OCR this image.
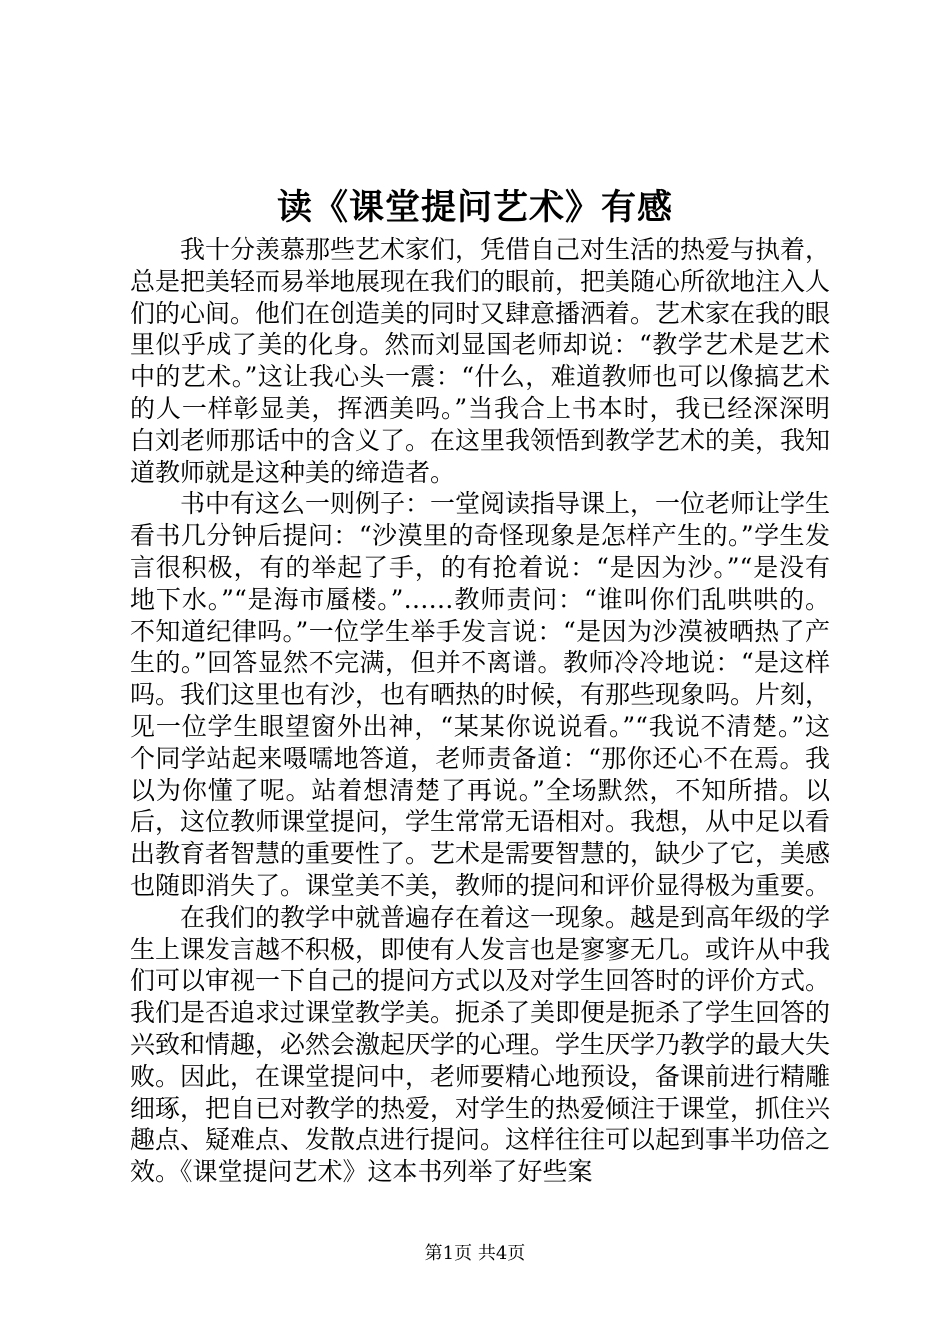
读《课堂提问艺术》有感

我十分羡慕那些艺术家们，凭借自己对生活的热爱与执着，总是把美轻而易举地展现在我们的眼前，把美随心所欲地注入人们的心间。他们在创造美的同时又肆意播洒着。艺术家在我的眼里似乎成了美的化身。然而刘显国老师却说：“教学艺术是艺术中的艺术。”这让我心头一震：“什么，难道教师也可以像搞艺术的人一样彰显美，挥洒美吗。”当我合上书本时，我已经深深明白刘老师那话中的含义了。在这里我领悟到教学艺术的美，我知道教师就是这种美的缔造者。

书中有这么一则例子：一堂阅读指导课上，一位老师让学生看书几分钟后提问：“沙漠里的奇怪现象是怎样产生的。”学生发言很积极，有的举起了手，的有抢着说：“是因为沙。”“是没有地下水。”“是海市蜃楼。”……教师责问：“谁叫你们乱哄哄的。不知道纪律吗。”一位学生举手发言说：“是因为沙漠被晒热了产生的。”回答显然不完满，但并不离谱。教师冷冷地说：“是这样吗。我们这里也有沙，也有晒热的时候，有那些现象吗。片刻，见一位学生眼望窗外出神，“某某你说说看。”“我说不清楚。”这个同学站起来嗫嚅地答道，老师责备道：“那你还心不在焉。我以为你懂了呢。站着想清楚了再说。”全场默然，不知所措。以后，这位教师课堂提问，学生常常无语相对。我想，从中足以看出教育者智慧的重要性了。艺术是需要智慧的，缺少了它，美感也随即消失了。课堂美不美，教师的提问和评价显得极为重要。

在我们的教学中就普遍存在着这一现象。越是到高年级的学生上课发言越不积极，即使有人发言也是寥寥无几。或许从中我们可以审视一下自己的提问方式以及对学生回答时的评价方式。我们是否追求过课堂教学美。扼杀了美即便是扼杀了学生回答的兴致和情趣，必然会激起厌学的心理。学生厌学乃教学的最大失败。因此，在课堂提问中，老师要精心地预设，备课前进行精雕细琢，把自已对教学的热爱，对学生的热爱倾注于课堂，抓住兴趣点、疑难点、发散点进行提问。这样往往可以起到事半功倍之效。《课堂提问艺术》这本书列举了好些案

第1页 共4页
